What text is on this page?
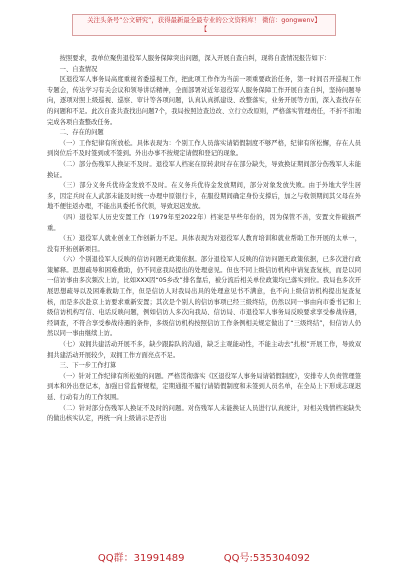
关注头条号“公文研究”，获得最新最全最专业的公文资料库！ 微信：gongwenv】
【

按照要求，我单位聚焦退役军人服务保障突出问题，深入开展自查自纠，现将自查情况报告如下：

一、自查情况

区退役军人事务局高度重视省委巡视工作，把此项工作作为当前一项重要政治任务，第一时间召开巡视工作专题会，传达学习有关会议和领导讲话精神，全面部署对近年退役军人服务保障工作开展自查自纠，坚持问题导向，逐项对照上级巡视、巡察、审计等各项问题，认真认真抓建设、改整落实，业务开展等方面，深入查找存在的问题和不足。此次自查共查找出问题7个，我局按照边查边改、立行立改原则，严格落实管理责任，不折不扣地完成各项自查整改任务。

二、存在的问题

（一）工作纪律有所放松。具体表现为：个别工作人员落实请销假制度不够严格，纪律有所松懈，存在人员到岗位后不及时签到或不签到。外出办事不按规定请假和登记的现象。

（二）部分伤残军人换证不及时。退役军人档案在原转隶时存在部分缺失，导致换证期间部分伤残军人未能换证。

（三）部分义务兵优待金发放不及时。在义务兵优待金发放期间，部分对象发放失败。由于外地大学生居多，因定兵时在人武部未能及时统一办理中原银行卡，在服役期间确定身份支撑后，加之与收领期间其父母在外地不便往返办理，不能出具委托书代领，导致迟迟发放。

（四）退役军人历史安置工作（1979年至2022年）档案是早些年份的，因为保管不善，安置文件破损严重。

（五）退役军人就业创业工作创新力不足。具体表现为对退役军人教育培训和就业帮助工作开展的太单一，没有开拓创新项目。

（六）个别退役军人反映的信访问题无政策依据。部分退役军人反映的信访问题无政策依据，已多次进行政策解释。思想疏导和困难救助，仍不同意我局提出的处理意见。但也不同上级信访机构申请复查复核，而是以同一信访事由多次频次上访，比如XXX因“05乡改”排名靠后，被分流后相关单位政策均已落实到位。我局也多次开展思想疏导以及困难救助工作，但是信访人对我局出具的处理意见书不满意，也不向上级信访机构提出复查复核，而是多次赴京上访要求重新安置；其次是个别人的信访事项已经三级终结，仍然以同一事由向市委书记和上级信访机构写信、电话反映问题，例如信访人多次向我局、信访局、市退役军人事务局反映要求享受参战待遇，经调查，不符合享受参战待遇的条件，多级信访机构按照信访工作条例相关规定做出了“三级终结”，但信访人仍然以同一事由继续上访。

（七）双拥共建活动开展不多，缺少跟踪队的沟通，缺乏主观能动性，不能主动去“扎根”开展工作，导致双拥共建活动开展较少，双拥工作方面亮点不足。

三、下一步工作打算

（一）针对工作纪律有所松弛的问题。严格贯彻落实《区退役军人事务局请销假制度》，安排专人负责管理签到本和外出登记本，加强日常监督规程，定期通报不履行请销假制度和未签到人员名单，在全局上下形成志现迟延、行动有力的工作氛围。

（二）针对部分伤残军人换证不及时的问题。对伤残军人未能换证人员进行认真统计，对相关残情档案缺失的做出核实认定，再统一向上级请示是否出

QQ群：31991489	QQ号:535304092
